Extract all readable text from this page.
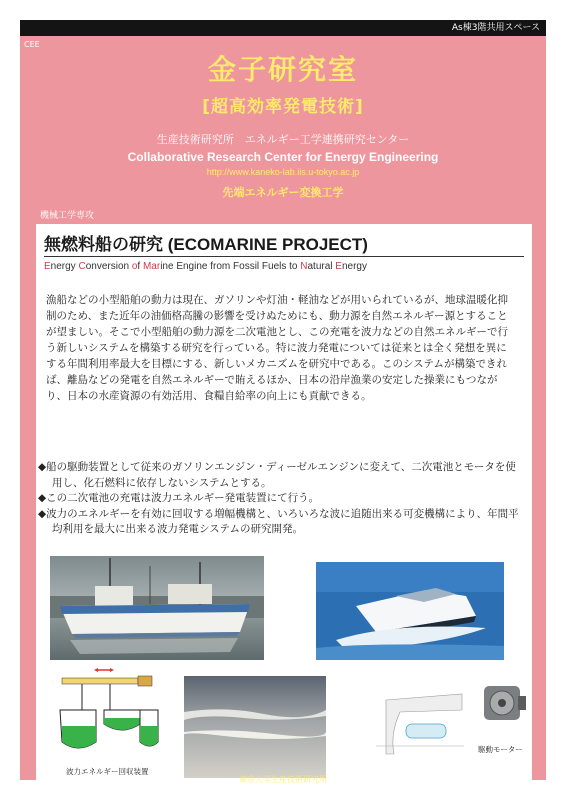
As棟3階共用スペース
CEE
金子研究室
[超高効率発電技術]
生産技術研究所　エネルギー工学連携研究センター
Collaborative Research Center for Energy Engineering
http://www.kaneko-lab.iis.u-tokyo.ac.jp
先端エネルギー変換工学
機械工学専攻
無燃料船の研究 (ECOMARINE PROJECT)
Energy Conversion of Marine Engine from Fossil Fuels to Natural Energy
漁船などの小型船舶の動力は現在、ガソリンや灯油・軽油などが用いられているが、地球温暖化抑制のため、また近年の油価格高騰の影響を受けぬためにも、動力源を自然エネルギー源とすることが望ましい。そこで小型船舶の動力源を二次電池とし、この充電を波力などの自然エネルギーで行う新しいシステムを構築する研究を行っている。特に波力発電については従来とは全く発想を異にする年間利用率最大を目標にする、新しいメカニズムを研究中である。このシステムが構築できれば、離島などの発電を自然エネルギーで賄えるほか、日本の沿岸漁業の安定した操業にもつながり、日本の水産資源の有効活用、食糧自給率の向上にも貢献できる。
◆船の駆動装置として従来のガソリンエンジン・ディーゼルエンジンに変えて、二次電池とモータを使用し、化石燃料に依存しないシステムとする。
◆この二次電池の充電は波力エネルギー発電装置にて行う。
◆波力のエネルギーを有効に回収する増幅機構と、いろいろな波に追随出来る可変機構により、年間平均利用を最大に出来る波力発電システムの研究開発。
波力エネルギー回収装置
駆動モーター
東京大学生産技術研究所
